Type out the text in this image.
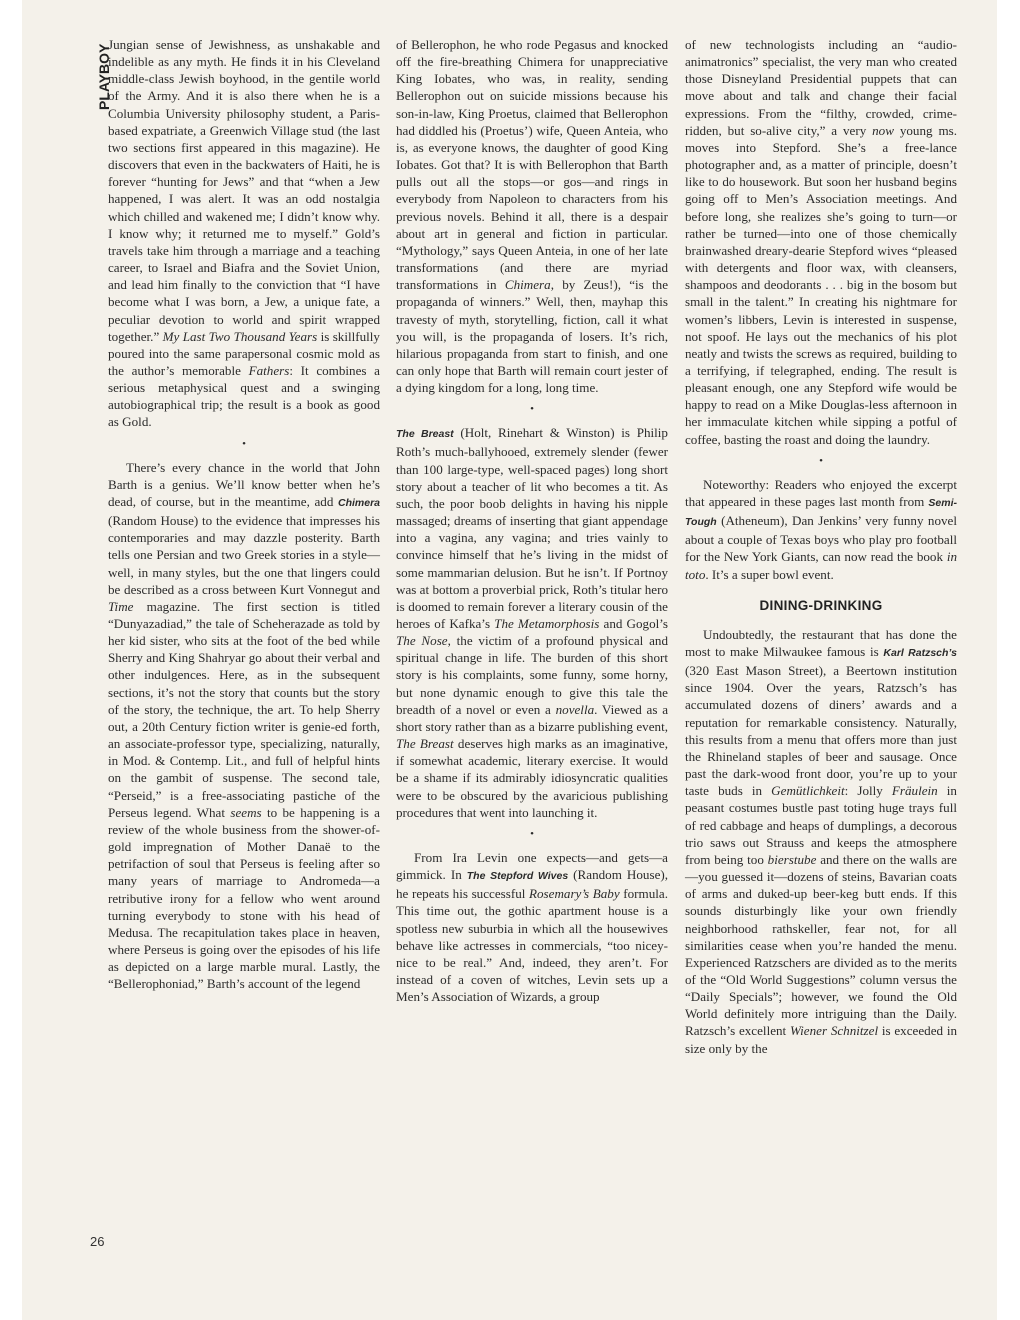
PLAYBOY
26

Jungian sense of Jewishness, as unshakable and indelible as any myth. He finds it in his Cleveland middle-class Jewish boyhood, in the gentile world of the Army. And it is also there when he is a Columbia University philosophy student, a Paris-based expatriate, a Greenwich Village stud (the last two sections first appeared in this magazine). He discovers that even in the backwaters of Haiti, he is forever “hunting for Jews” and that “when a Jew happened, I was alert. It was an odd nostalgia which chilled and wakened me; I didn’t know why. I know why; it returned me to myself.” Gold’s travels take him through a marriage and a teaching career, to Israel and Biafra and the Soviet Union, and lead him finally to the conviction that “I have become what I was born, a Jew, a unique fate, a peculiar devotion to world and spirit wrapped together.” My Last Two Thousand Years is skillfully poured into the same parapersonal cosmic mold as the author’s memorable Fathers: It combines a serious metaphysical quest and a swinging autobiographical trip; the result is a book as good as Gold.

•

There’s every chance in the world that John Barth is a genius. We’ll know better when he’s dead, of course, but in the meantime, add Chimera (Random House) to the evidence that impresses his contemporaries and may dazzle posterity. Barth tells one Persian and two Greek stories in a style—well, in many styles, but the one that lingers could be described as a cross between Kurt Vonnegut and Time magazine. The first section is titled “Dunyazadiad,” the tale of Scheherazade as told by her kid sister, who sits at the foot of the bed while Sherry and King Shahryar go about their verbal and other indulgences. Here, as in the subsequent sections, it’s not the story that counts but the story of the story, the technique, the art. To help Sherry out, a 20th Century fiction writer is genie-ed forth, an associate-professor type, specializing, naturally, in Mod. & Contemp. Lit., and full of helpful hints on the gambit of suspense. The second tale, “Perseid,” is a free-associating pastiche of the Perseus legend. What seems to be happening is a review of the whole business from the shower-of-gold impregnation of Mother Danaë to the petrifaction of soul that Perseus is feeling after so many years of marriage to Andromeda—a retributive irony for a fellow who went around turning everybody to stone with his head of Medusa. The recapitulation takes place in heaven, where Perseus is going over the episodes of his life as depicted on a large marble mural. Lastly, the “Bellerophoniad,” Barth’s account of the legend

of Bellerophon, he who rode Pegasus and knocked off the fire-breathing Chimera for unappreciative King Iobates, who was, in reality, sending Bellerophon out on suicide missions because his son-in-law, King Proetus, claimed that Bellerophon had diddled his (Proetus’) wife, Queen Anteia, who is, as everyone knows, the daughter of good King Iobates. Got that? It is with Bellerophon that Barth pulls out all the stops—or gos—and rings in everybody from Napoleon to characters from his previous novels. Behind it all, there is a despair about art in general and fiction in particular. “Mythology,” says Queen Anteia, in one of her late transformations (and there are myriad transformations in Chimera, by Zeus!), “is the propaganda of winners.” Well, then, mayhap this travesty of myth, storytelling, fiction, call it what you will, is the propaganda of losers. It’s rich, hilarious propaganda from start to finish, and one can only hope that Barth will remain court jester of a dying kingdom for a long, long time.

•

The Breast (Holt, Rinehart & Winston) is Philip Roth’s much-ballyhooed, extremely slender (fewer than 100 large-type, well-spaced pages) long short story about a teacher of lit who becomes a tit. As such, the poor boob delights in having his nipple massaged; dreams of inserting that giant appendage into a vagina, any vagina; and tries vainly to convince himself that he’s living in the midst of some mammarian delusion. But he isn’t. If Portnoy was at bottom a proverbial prick, Roth’s titular hero is doomed to remain forever a literary cousin of the heroes of Kafka’s The Metamorphosis and Gogol’s The Nose, the victim of a profound physical and spiritual change in life. The burden of this short story is his complaints, some funny, some horny, but none dynamic enough to give this tale the breadth of a novel or even a novella. Viewed as a short story rather than as a bizarre publishing event, The Breast deserves high marks as an imaginative, if somewhat academic, literary exercise. It would be a shame if its admirably idiosyncratic qualities were to be obscured by the avaricious publishing procedures that went into launching it.

•

From Ira Levin one expects—and gets—a gimmick. In The Stepford Wives (Random House), he repeats his successful Rosemary’s Baby formula. This time out, the gothic apartment house is a spotless new suburbia in which all the housewives behave like actresses in commercials, “too nicey-nice to be real.” And, indeed, they aren’t. For instead of a coven of witches, Levin sets up a Men’s Association of Wizards, a group

of new technologists including an “audio-animatronics” specialist, the very man who created those Disneyland Presidential puppets that can move about and talk and change their facial expressions. From the “filthy, crowded, crime-ridden, but so-alive city,” a very now young ms. moves into Stepford. She’s a free-lance photographer and, as a matter of principle, doesn’t like to do housework. But soon her husband begins going off to Men’s Association meetings. And before long, she realizes she’s going to turn—or rather be turned—into one of those chemically brainwashed dreary-dearie Stepford wives “pleased with detergents and floor wax, with cleansers, shampoos and deodorants . . . big in the bosom but small in the talent.” In creating his nightmare for women’s libbers, Levin is interested in suspense, not spoof. He lays out the mechanics of his plot neatly and twists the screws as required, building to a terrifying, if telegraphed, ending. The result is pleasant enough, one any Stepford wife would be happy to read on a Mike Douglas-less afternoon in her immaculate kitchen while sipping a potful of coffee, basting the roast and doing the laundry.

•

Noteworthy: Readers who enjoyed the excerpt that appeared in these pages last month from Semi-Tough (Atheneum), Dan Jenkins’ very funny novel about a couple of Texas boys who play pro football for the New York Giants, can now read the book in toto. It’s a super bowl event.

DINING-DRINKING

Undoubtedly, the restaurant that has done the most to make Milwaukee famous is Karl Ratzsch’s (320 East Mason Street), a Beertown institution since 1904. Over the years, Ratzsch’s has accumulated dozens of diners’ awards and a reputation for remarkable consistency. Naturally, this results from a menu that offers more than just the Rhineland staples of beer and sausage. Once past the dark-wood front door, you’re up to your taste buds in Gemütlichkeit: Jolly Fräulein in peasant costumes bustle past toting huge trays full of red cabbage and heaps of dumplings, a decorous trio saws out Strauss and keeps the atmosphere from being too bierstube and there on the walls are—you guessed it—dozens of steins, Bavarian coats of arms and duked-up beer-keg butt ends. If this sounds disturbingly like your own friendly neighborhood rathskeller, fear not, for all similarities cease when you’re handed the menu. Experienced Ratzschers are divided as to the merits of the “Old World Suggestions” column versus the “Daily Specials”; however, we found the Old World definitely more intriguing than the Daily. Ratzsch’s excellent Wiener Schnitzel is exceeded in size only by the
